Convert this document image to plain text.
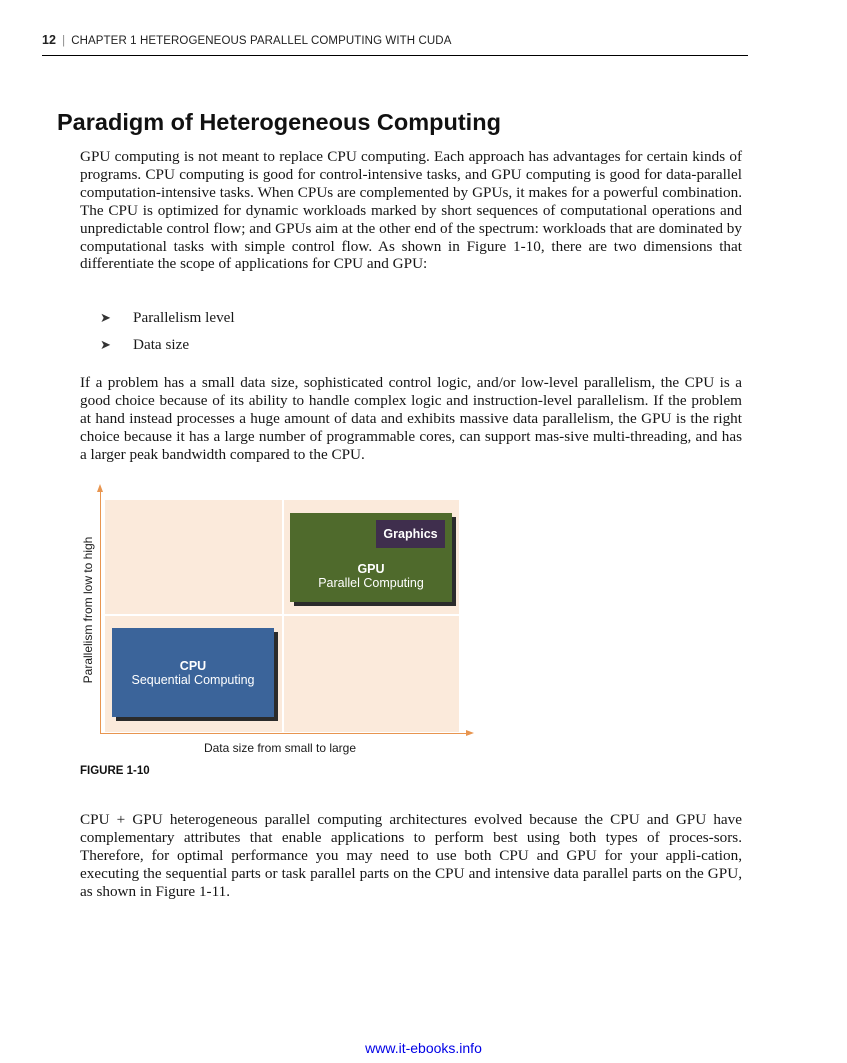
12 | CHAPTER 1 HETEROGENEOUS PARALLEL COMPUTING WITH CUDA
Paradigm of Heterogeneous Computing

GPU computing is not meant to replace CPU computing. Each approach has advantages for certain kinds of programs. CPU computing is good for control-intensive tasks, and GPU computing is good for data-parallel computation-intensive tasks. When CPUs are complemented by GPUs, it makes for a powerful combination. The CPU is optimized for dynamic workloads marked by short sequences of computational operations and unpredictable control flow; and GPUs aim at the other end of the spectrum: workloads that are dominated by computational tasks with simple control flow. As shown in Figure 1-10, there are two dimensions that differentiate the scope of applications for CPU and GPU:

➤ Parallelism level
➤ Data size

If a problem has a small data size, sophisticated control logic, and/or low-level parallelism, the CPU is a good choice because of its ability to handle complex logic and instruction-level parallelism. If the problem at hand instead processes a huge amount of data and exhibits massive data parallelism, the GPU is the right choice because it has a large number of programmable cores, can support mas-sive multi-threading, and has a larger peak bandwidth compared to the CPU.

GPU
Parallel Computing
Graphics
CPU
Sequential Computing
Parallelism from low to high
Data size from small to large
FIGURE 1-10

CPU + GPU heterogeneous parallel computing architectures evolved because the CPU and GPU have complementary attributes that enable applications to perform best using both types of proces-sors. Therefore, for optimal performance you may need to use both CPU and GPU for your appli-cation, executing the sequential parts or task parallel parts on the CPU and intensive data parallel parts on the GPU, as shown in Figure 1-11.

www.it-ebooks.info
